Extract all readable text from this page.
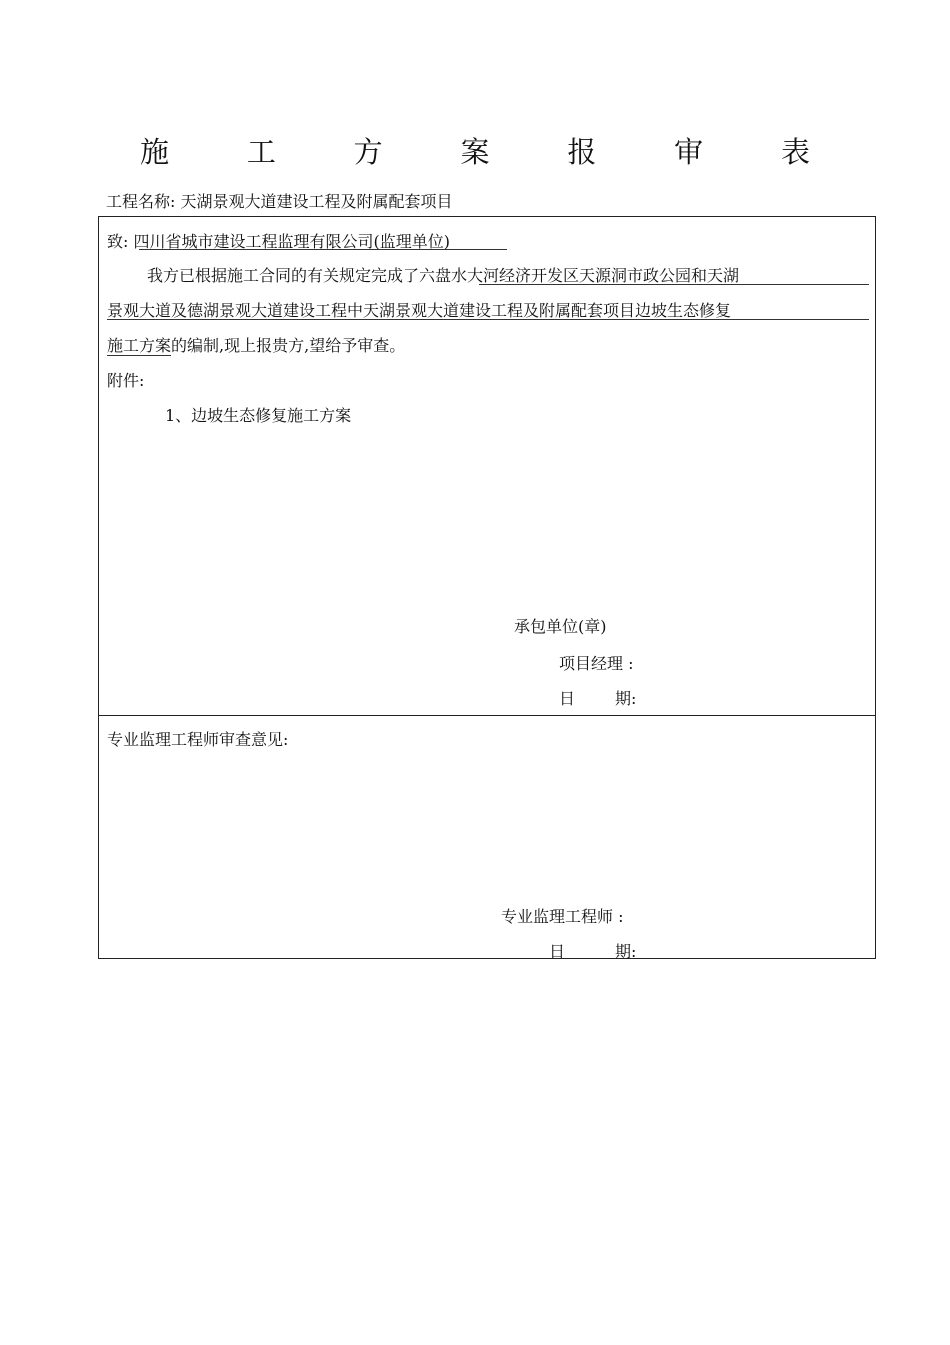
施	工	方	案	报	审	表
工程名称: 天湖景观大道建设工程及附属配套项目
致: 四川省城市建设工程监理有限公司(监理单位)
我方已根据施工合同的有关规定完成了六盘水大河经济开发区天源洞市政公园和天湖
景观大道及德湖景观大道建设工程中天湖景观大道建设工程及附属配套项目边坡生态修复
施工方案的编制,现上报贵方,望给予审查。
附件:
1、边坡生态修复施工方案
承包单位(章)
项目经理 :
日	期:
专业监理工程师审查意见:
专业监理工程师 :
日	期:
